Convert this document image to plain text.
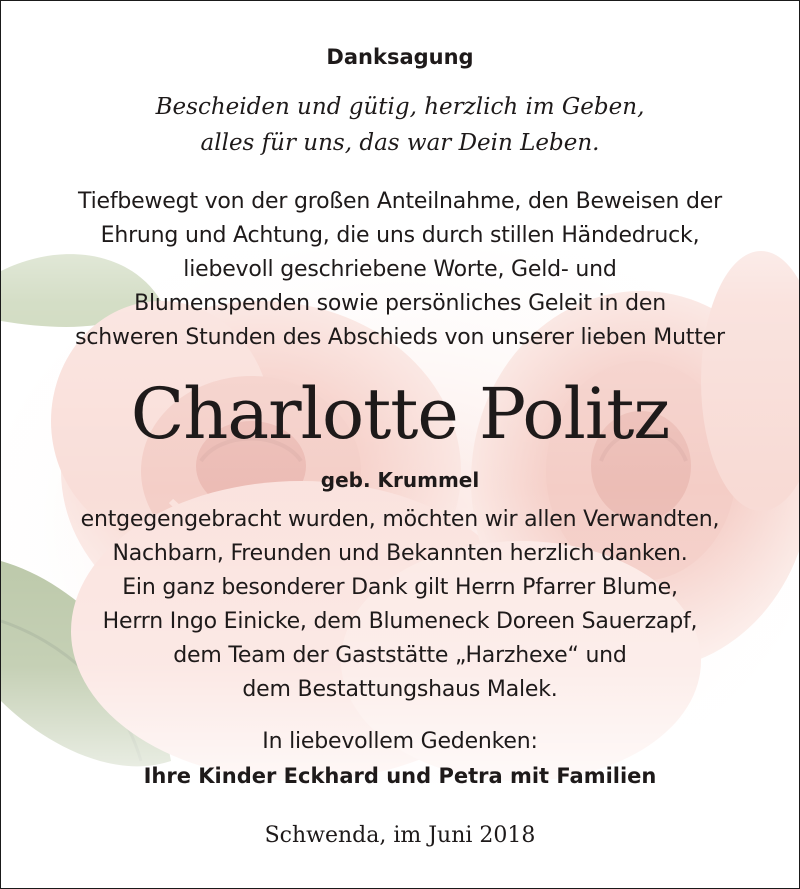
Danksagung
Bescheiden und gütig, herzlich im Geben,
alles für uns, das war Dein Leben.
Tiefbewegt von der großen Anteilnahme, den Beweisen der
Ehrung und Achtung, die uns durch stillen Händedruck,
liebevoll geschriebene Worte, Geld- und
Blumenspenden sowie persönliches Geleit in den
schweren Stunden des Abschieds von unserer lieben Mutter
Charlotte Politz
geb. Krummel
entgegengebracht wurden, möchten wir allen Verwandten,
Nachbarn, Freunden und Bekannten herzlich danken.
Ein ganz besonderer Dank gilt Herrn Pfarrer Blume,
Herrn Ingo Einicke, dem Blumeneck Doreen Sauerzapf,
dem Team der Gaststätte „Harzhexe“ und
dem Bestattungshaus Malek.
In liebevollem Gedenken:
Ihre Kinder Eckhard und Petra mit Familien
Schwenda, im Juni 2018
